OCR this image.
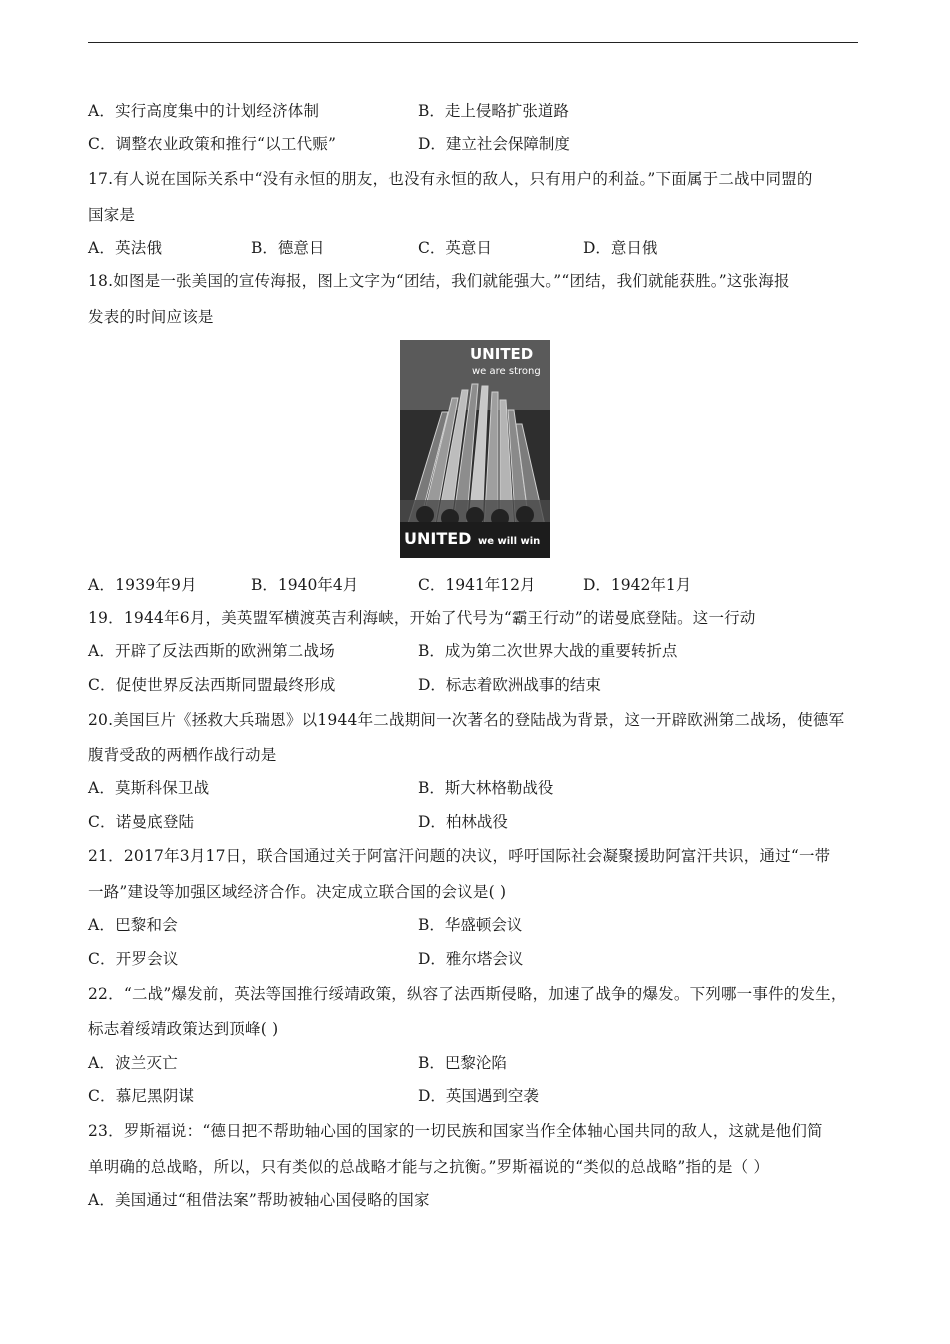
A．实行高度集中的计划经济体制	B．走上侵略扩张道路
C．调整农业政策和推行“以工代赈”	D．建立社会保障制度
17.有人说在国际关系中“没有永恒的朋友，也没有永恒的敌人，只有用户的利益。”下面属于二战中同盟的
国家是
A．英法俄	B．德意日	C．英意日	D．意日俄
18.如图是一张美国的宣传海报，图上文字为“团结，我们就能强大。”“团结，我们就能获胜。”这张海报
发表的时间应该是
UNITED
we are strong
UNITED we will win
A．1939年9月	B．1940年4月	C．1941年12月	D．1942年1月
19．1944年6月，美英盟军横渡英吉利海峡，开始了代号为“霸王行动”的诺曼底登陆。这一行动
A．开辟了反法西斯的欧洲第二战场	B．成为第二次世界大战的重要转折点
C．促使世界反法西斯同盟最终形成	D．标志着欧洲战事的结束
20.美国巨片《拯救大兵瑞恩》以1944年二战期间一次著名的登陆战为背景，这一开辟欧洲第二战场，使德军
腹背受敌的两栖作战行动是
A．莫斯科保卫战	B．斯大林格勒战役
C．诺曼底登陆	D．柏林战役
21．2017年3月17日，联合国通过关于阿富汗问题的决议，呼吁国际社会凝聚援助阿富汗共识，通过“一带
一路”建设等加强区域经济合作。决定成立联合国的会议是( )
A．巴黎和会	B．华盛顿会议
C．开罗会议	D．雅尔塔会议
22．“二战”爆发前，英法等国推行绥靖政策，纵容了法西斯侵略，加速了战争的爆发。下列哪一事件的发生，
标志着绥靖政策达到顶峰( )
A．波兰灭亡	B．巴黎沦陷
C．慕尼黑阴谋	D．英国遇到空袭
23．罗斯福说：“德日把不帮助轴心国的国家的一切民族和国家当作全体轴心国共同的敌人，这就是他们简
单明确的总战略，所以，只有类似的总战略才能与之抗衡。”罗斯福说的“类似的总战略”指的是（ ）
A．美国通过“租借法案”帮助被轴心国侵略的国家
